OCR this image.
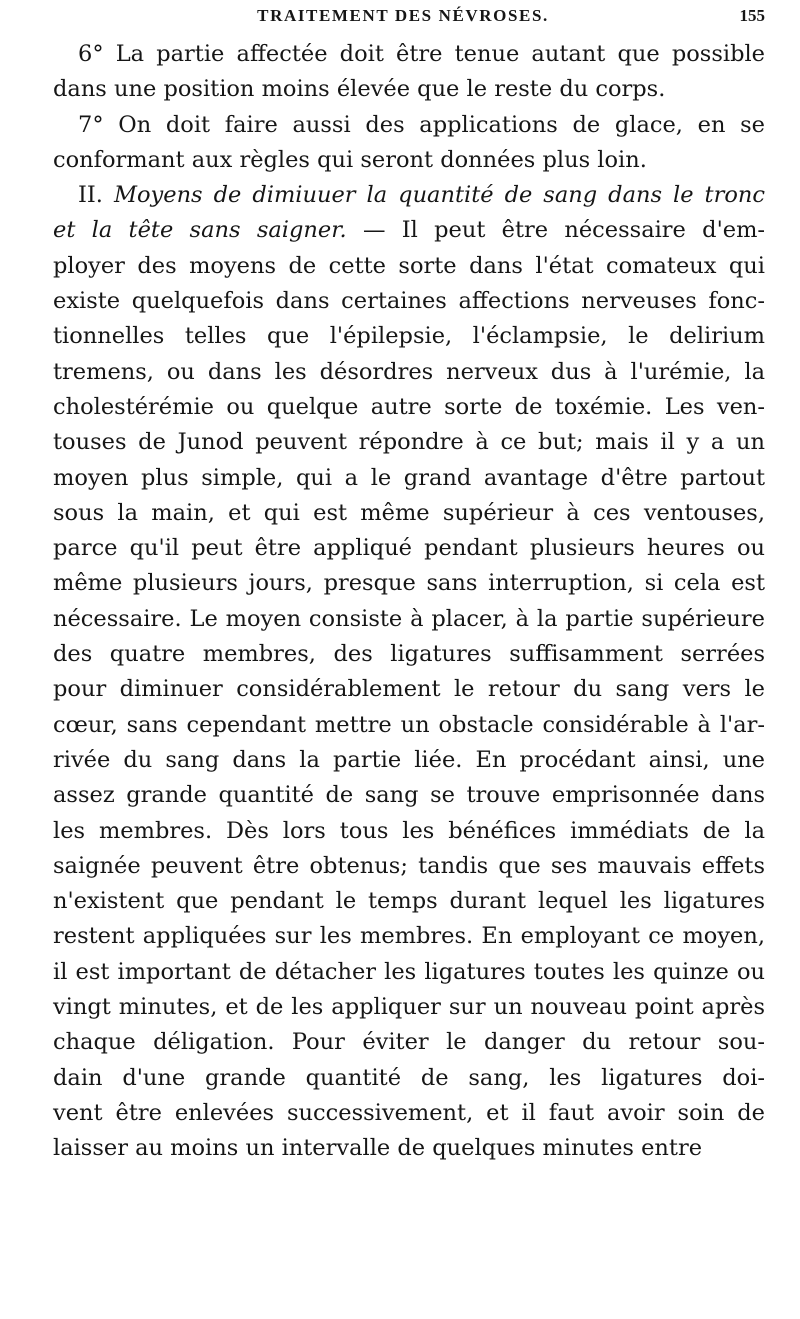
TRAITEMENT DES NÉVROSES.	155
6° La partie affectée doit être tenue autant que possible
dans une position moins élevée que le reste du corps.
7° On doit faire aussi des applications de glace, en se
conformant aux règles qui seront données plus loin.
II. Moyens de dimiuuer la quantité de sang dans le tronc
et la tête sans saigner. — Il peut être nécessaire d'em-
ployer des moyens de cette sorte dans l'état comateux qui
existe quelquefois dans certaines affections nerveuses fonc-
tionnelles telles que l'épilepsie, l'éclampsie, le delirium
tremens, ou dans les désordres nerveux dus à l'urémie, la
cholestérémie ou quelque autre sorte de toxémie. Les ven-
touses de Junod peuvent répondre à ce but; mais il y a un
moyen plus simple, qui a le grand avantage d'être partout
sous la main, et qui est même supérieur à ces ventouses,
parce qu'il peut être appliqué pendant plusieurs heures ou
même plusieurs jours, presque sans interruption, si cela est
nécessaire. Le moyen consiste à placer, à la partie supérieure
des quatre membres, des ligatures suffisamment serrées
pour diminuer considérablement le retour du sang vers le
cœur, sans cependant mettre un obstacle considérable à l'ar-
rivée du sang dans la partie liée. En procédant ainsi, une
assez grande quantité de sang se trouve emprisonnée dans
les membres. Dès lors tous les bénéfices immédiats de la
saignée peuvent être obtenus; tandis que ses mauvais effets
n'existent que pendant le temps durant lequel les ligatures
restent appliquées sur les membres. En employant ce moyen,
il est important de détacher les ligatures toutes les quinze ou
vingt minutes, et de les appliquer sur un nouveau point après
chaque déligation. Pour éviter le danger du retour sou-
dain d'une grande quantité de sang, les ligatures doi-
vent être enlevées successivement, et il faut avoir soin de
laisser au moins un intervalle de quelques minutes entre
